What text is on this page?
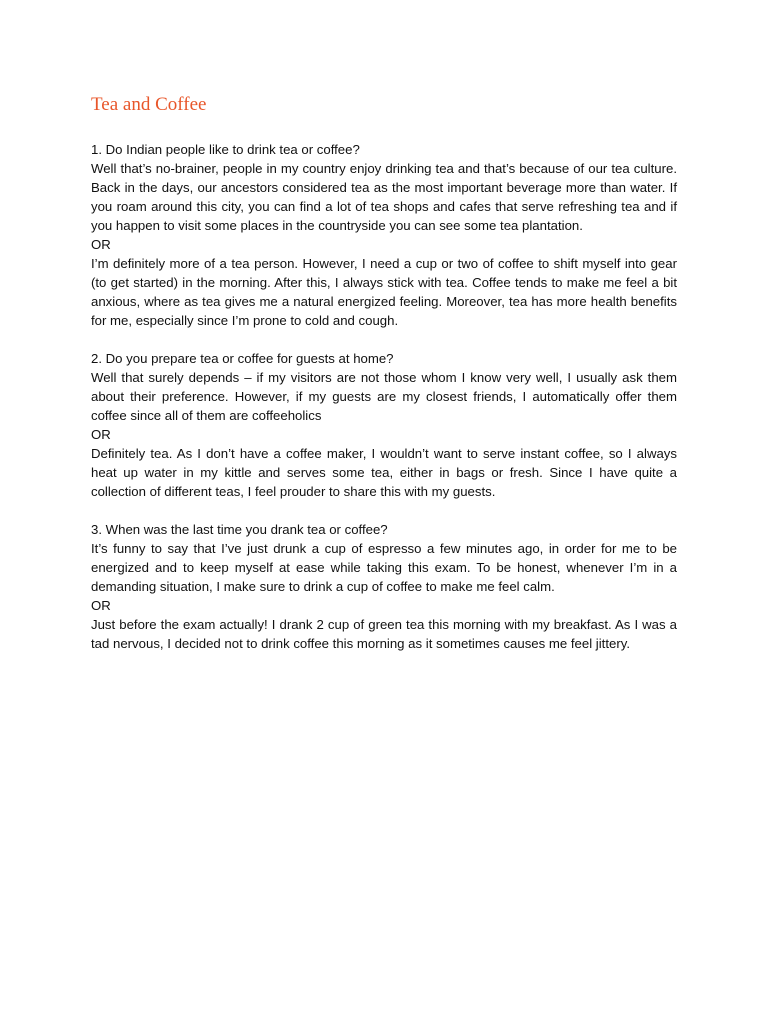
Tea and Coffee

1. Do Indian people like to drink tea or coffee?

Well that’s no-brainer, people in my country enjoy drinking tea and that’s because of our tea culture. Back in the days, our ancestors considered tea as the most important beverage more than water. If you roam around this city, you can find a lot of tea shops and cafes that serve refreshing tea and if you happen to visit some places in the countryside you can see some tea plantation.

OR

I’m definitely more of a tea person. However, I need a cup or two of coffee to shift myself into gear (to get started) in the morning. After this, I always stick with tea. Coffee tends to make me feel a bit anxious, where as tea gives me a natural energized feeling. Moreover, tea has more health benefits for me, especially since I’m prone to cold and cough.

2. Do you prepare tea or coffee for guests at home?

Well that surely depends – if my visitors are not those whom I know very well, I usually ask them about their preference. However, if my guests are my closest friends, I automatically offer them coffee since all of them are coffeeholics

OR

Definitely tea. As I don’t have a coffee maker, I wouldn’t want to serve instant coffee, so I always heat up water in my kittle and serves some tea, either in bags or fresh. Since I have quite a collection of different teas, I feel prouder to share this with my guests.

3. When was the last time you drank tea or coffee?

It’s funny to say that I’ve just drunk a cup of espresso a few minutes ago, in order for me to be energized and to keep myself at ease while taking this exam. To be honest, whenever I’m in a demanding situation, I make sure to drink a cup of coffee to make me feel calm.

OR

Just before the exam actually! I drank 2 cup of green tea this morning with my breakfast. As I was a tad nervous, I decided not to drink coffee this morning as it sometimes causes me feel jittery.
